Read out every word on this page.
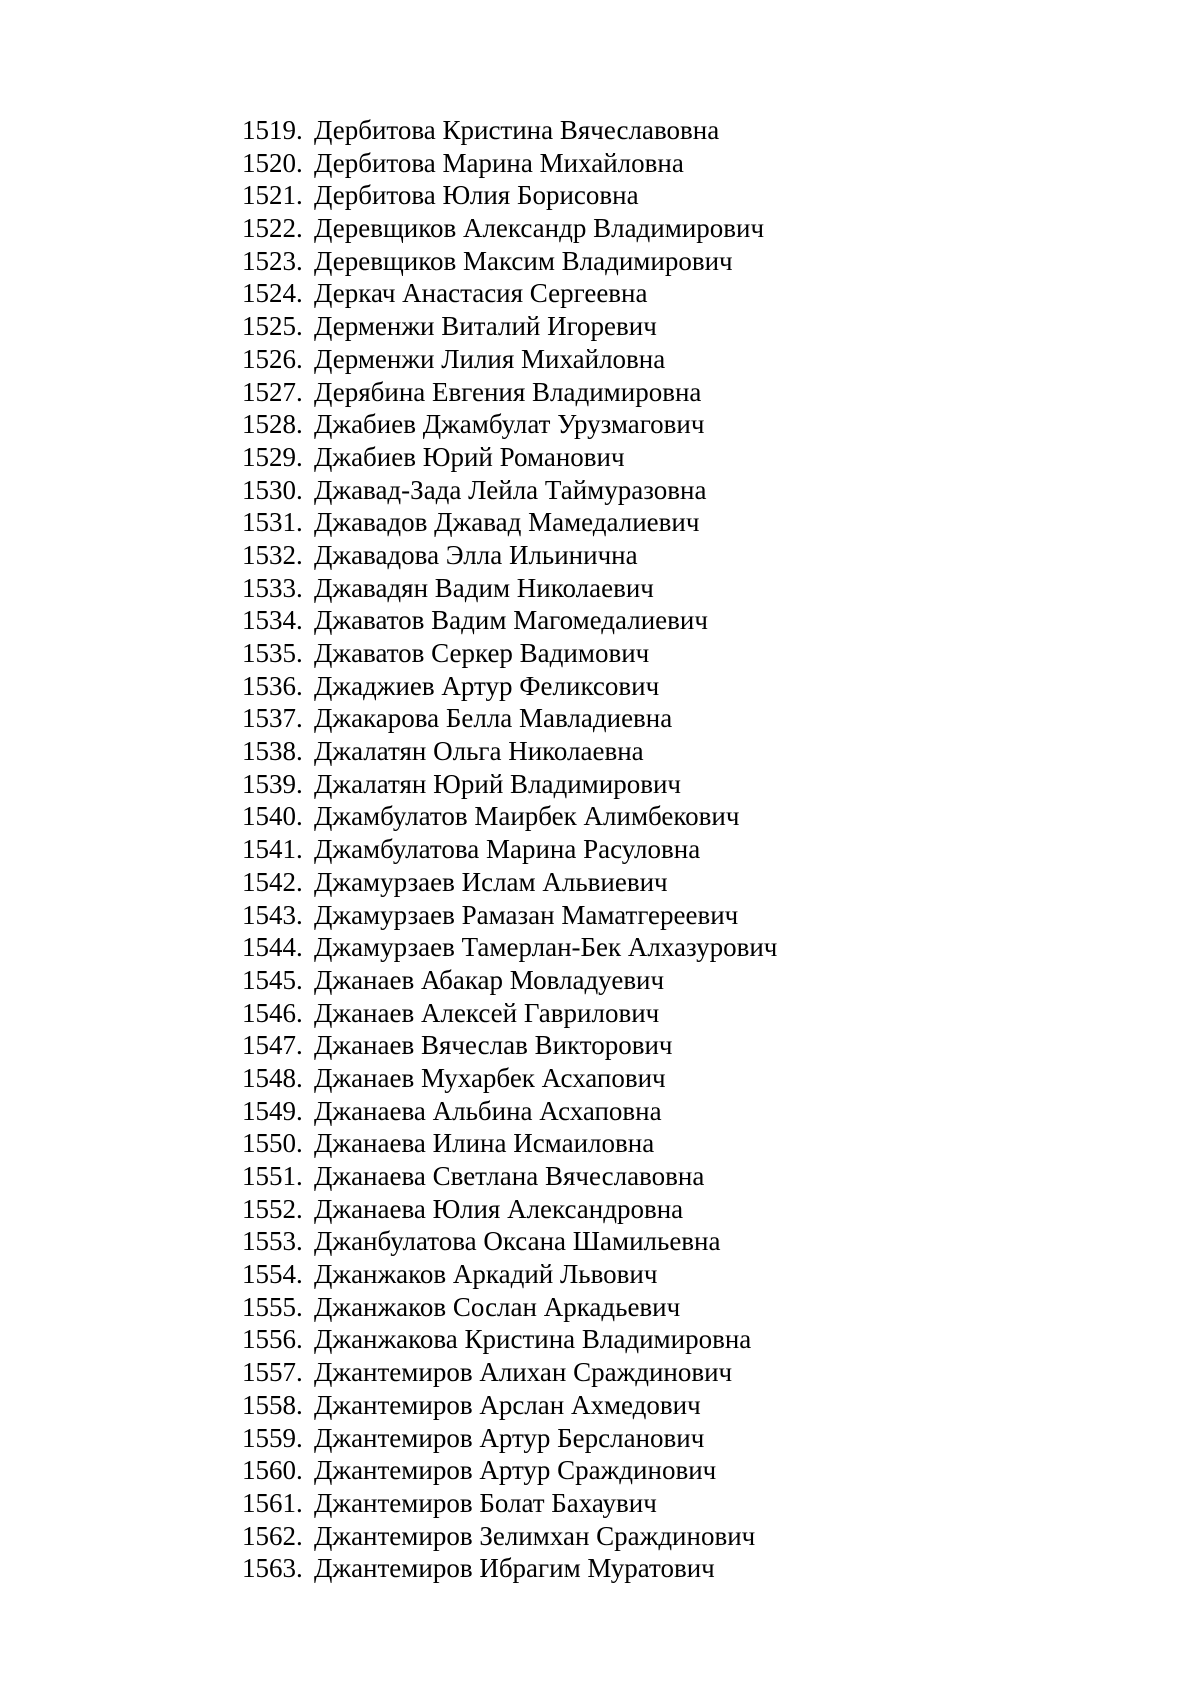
1519. Дербитова Кристина Вячеславовна
1520. Дербитова Марина Михайловна
1521. Дербитова Юлия Борисовна
1522. Деревщиков Александр Владимирович
1523. Деревщиков Максим Владимирович
1524. Деркач Анастасия Сергеевна
1525. Дерменжи Виталий Игоревич
1526. Дерменжи Лилия Михайловна
1527. Дерябина Евгения Владимировна
1528. Джабиев Джамбулат Урузмагович
1529. Джабиев Юрий Романович
1530. Джавад-Зада Лейла Таймуразовна
1531. Джавадов Джавад Мамедалиевич
1532. Джавадова Элла Ильинична
1533. Джавадян Вадим Николаевич
1534. Джаватов Вадим Магомедалиевич
1535. Джаватов Серкер Вадимович
1536. Джаджиев Артур Феликсович
1537. Джакарова Белла Мавладиевна
1538. Джалатян Ольга Николаевна
1539. Джалатян Юрий Владимирович
1540. Джамбулатов Маирбек Алимбекович
1541. Джамбулатова Марина Расуловна
1542. Джамурзаев Ислам Альвиевич
1543. Джамурзаев Рамазан Маматгереевич
1544. Джамурзаев Тамерлан-Бек Алхазурович
1545. Джанаев Абакар Мовладуевич
1546. Джанаев Алексей Гаврилович
1547. Джанаев Вячеслав Викторович
1548. Джанаев Мухарбек Асхапович
1549. Джанаева Альбина Асхаповна
1550. Джанаева Илина Исмаиловна
1551. Джанаева Светлана Вячеславовна
1552. Джанаева Юлия Александровна
1553. Джанбулатова Оксана Шамильевна
1554. Джанжаков Аркадий Львович
1555. Джанжаков Сослан Аркадьевич
1556. Джанжакова Кристина Владимировна
1557. Джантемиров Алихан Сраждинович
1558. Джантемиров Арслан Ахмедович
1559. Джантемиров Артур Берсланович
1560. Джантемиров Артур Сраждинович
1561. Джантемиров Болат Бахаувич
1562. Джантемиров Зелимхан Сраждинович
1563. Джантемиров Ибрагим Муратович
